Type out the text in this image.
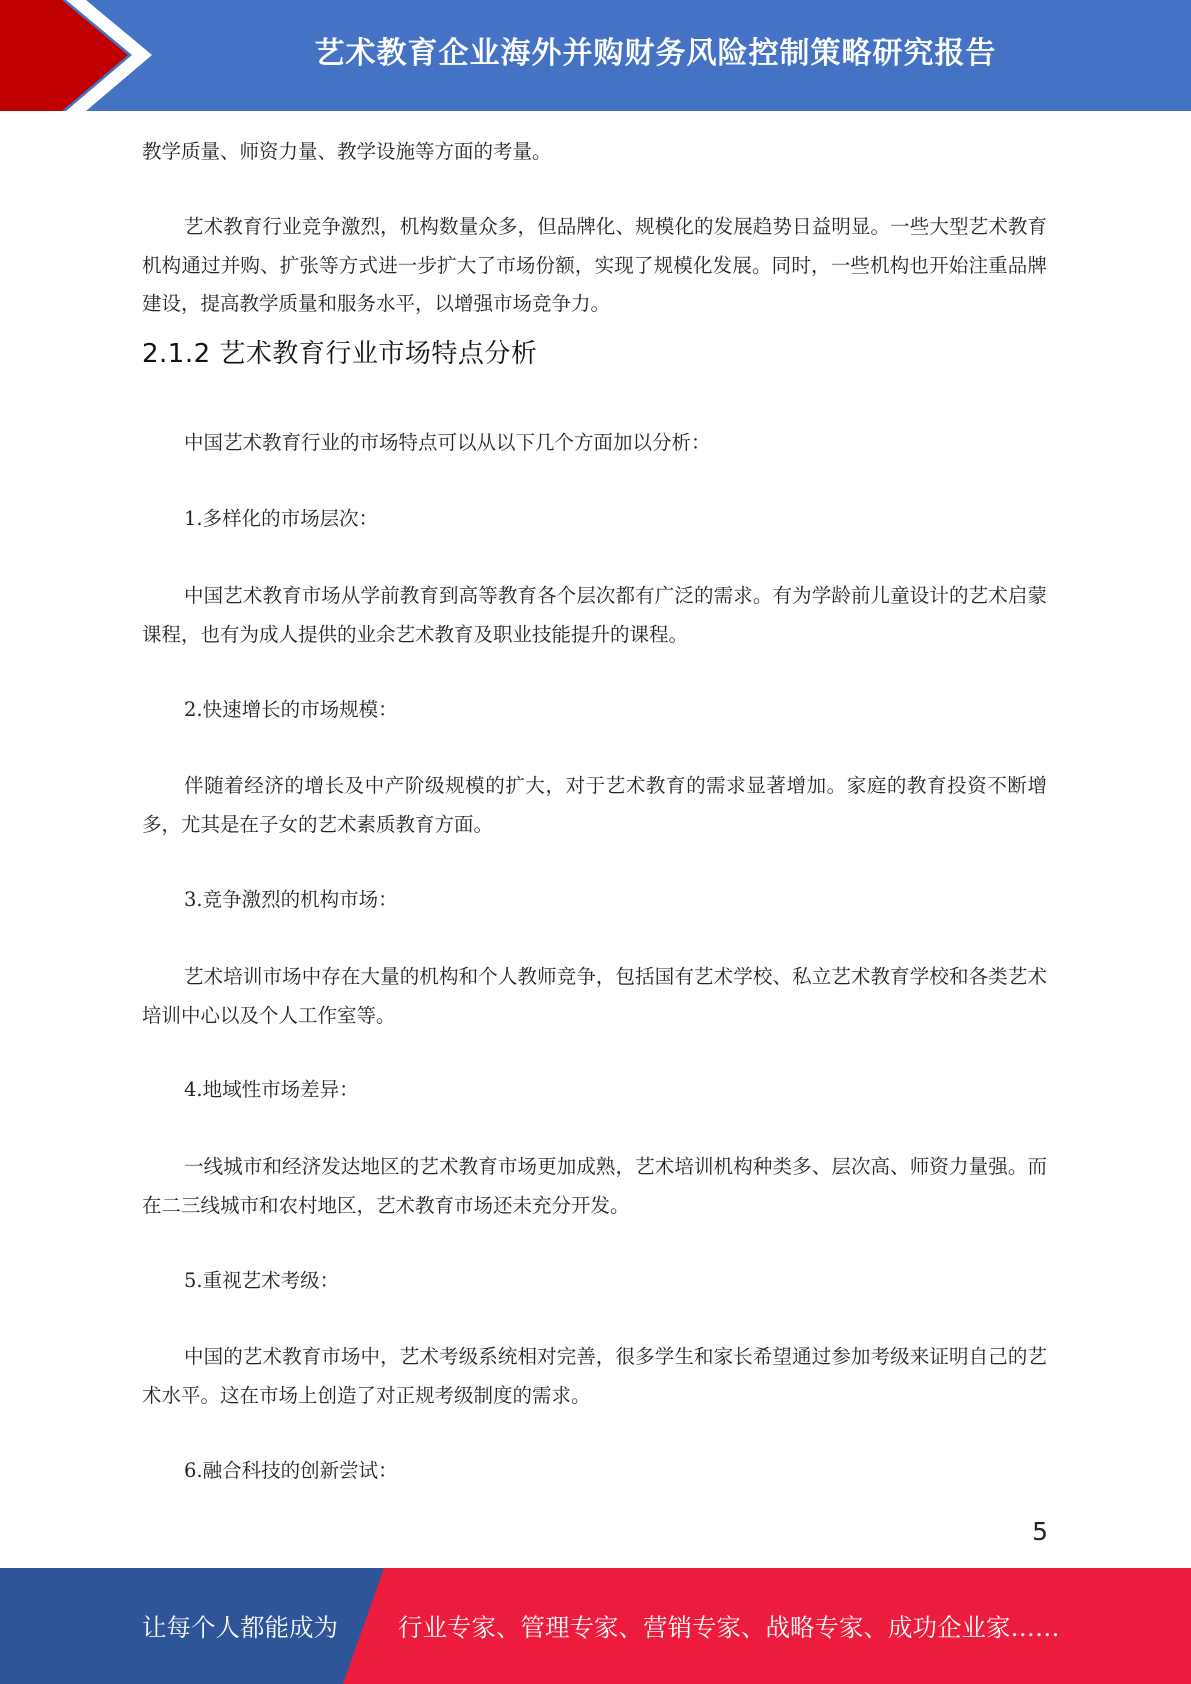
艺术教育企业海外并购财务风险控制策略研究报告

教学质量、师资力量、教学设施等方面的考量。

艺术教育行业竞争激烈，机构数量众多，但品牌化、规模化的发展趋势日益明显。一些大型艺术教育机构通过并购、扩张等方式进一步扩大了市场份额，实现了规模化发展。同时，一些机构也开始注重品牌建设，提高教学质量和服务水平，以增强市场竞争力。

2.1.2 艺术教育行业市场特点分析

中国艺术教育行业的市场特点可以从以下几个方面加以分析：

1.多样化的市场层次：

中国艺术教育市场从学前教育到高等教育各个层次都有广泛的需求。有为学龄前儿童设计的艺术启蒙课程，也有为成人提供的业余艺术教育及职业技能提升的课程。

2.快速增长的市场规模：

伴随着经济的增长及中产阶级规模的扩大，对于艺术教育的需求显著增加。家庭的教育投资不断增多，尤其是在子女的艺术素质教育方面。

3.竞争激烈的机构市场：

艺术培训市场中存在大量的机构和个人教师竞争，包括国有艺术学校、私立艺术教育学校和各类艺术培训中心以及个人工作室等。

4.地域性市场差异：

一线城市和经济发达地区的艺术教育市场更加成熟，艺术培训机构种类多、层次高、师资力量强。而在二三线城市和农村地区，艺术教育市场还未充分开发。

5.重视艺术考级：

中国的艺术教育市场中，艺术考级系统相对完善，很多学生和家长希望通过参加考级来证明自己的艺术水平。这在市场上创造了对正规考级制度的需求。

6.融合科技的创新尝试：

5
让每个人都能成为 行业专家、管理专家、营销专家、战略专家、成功企业家……
